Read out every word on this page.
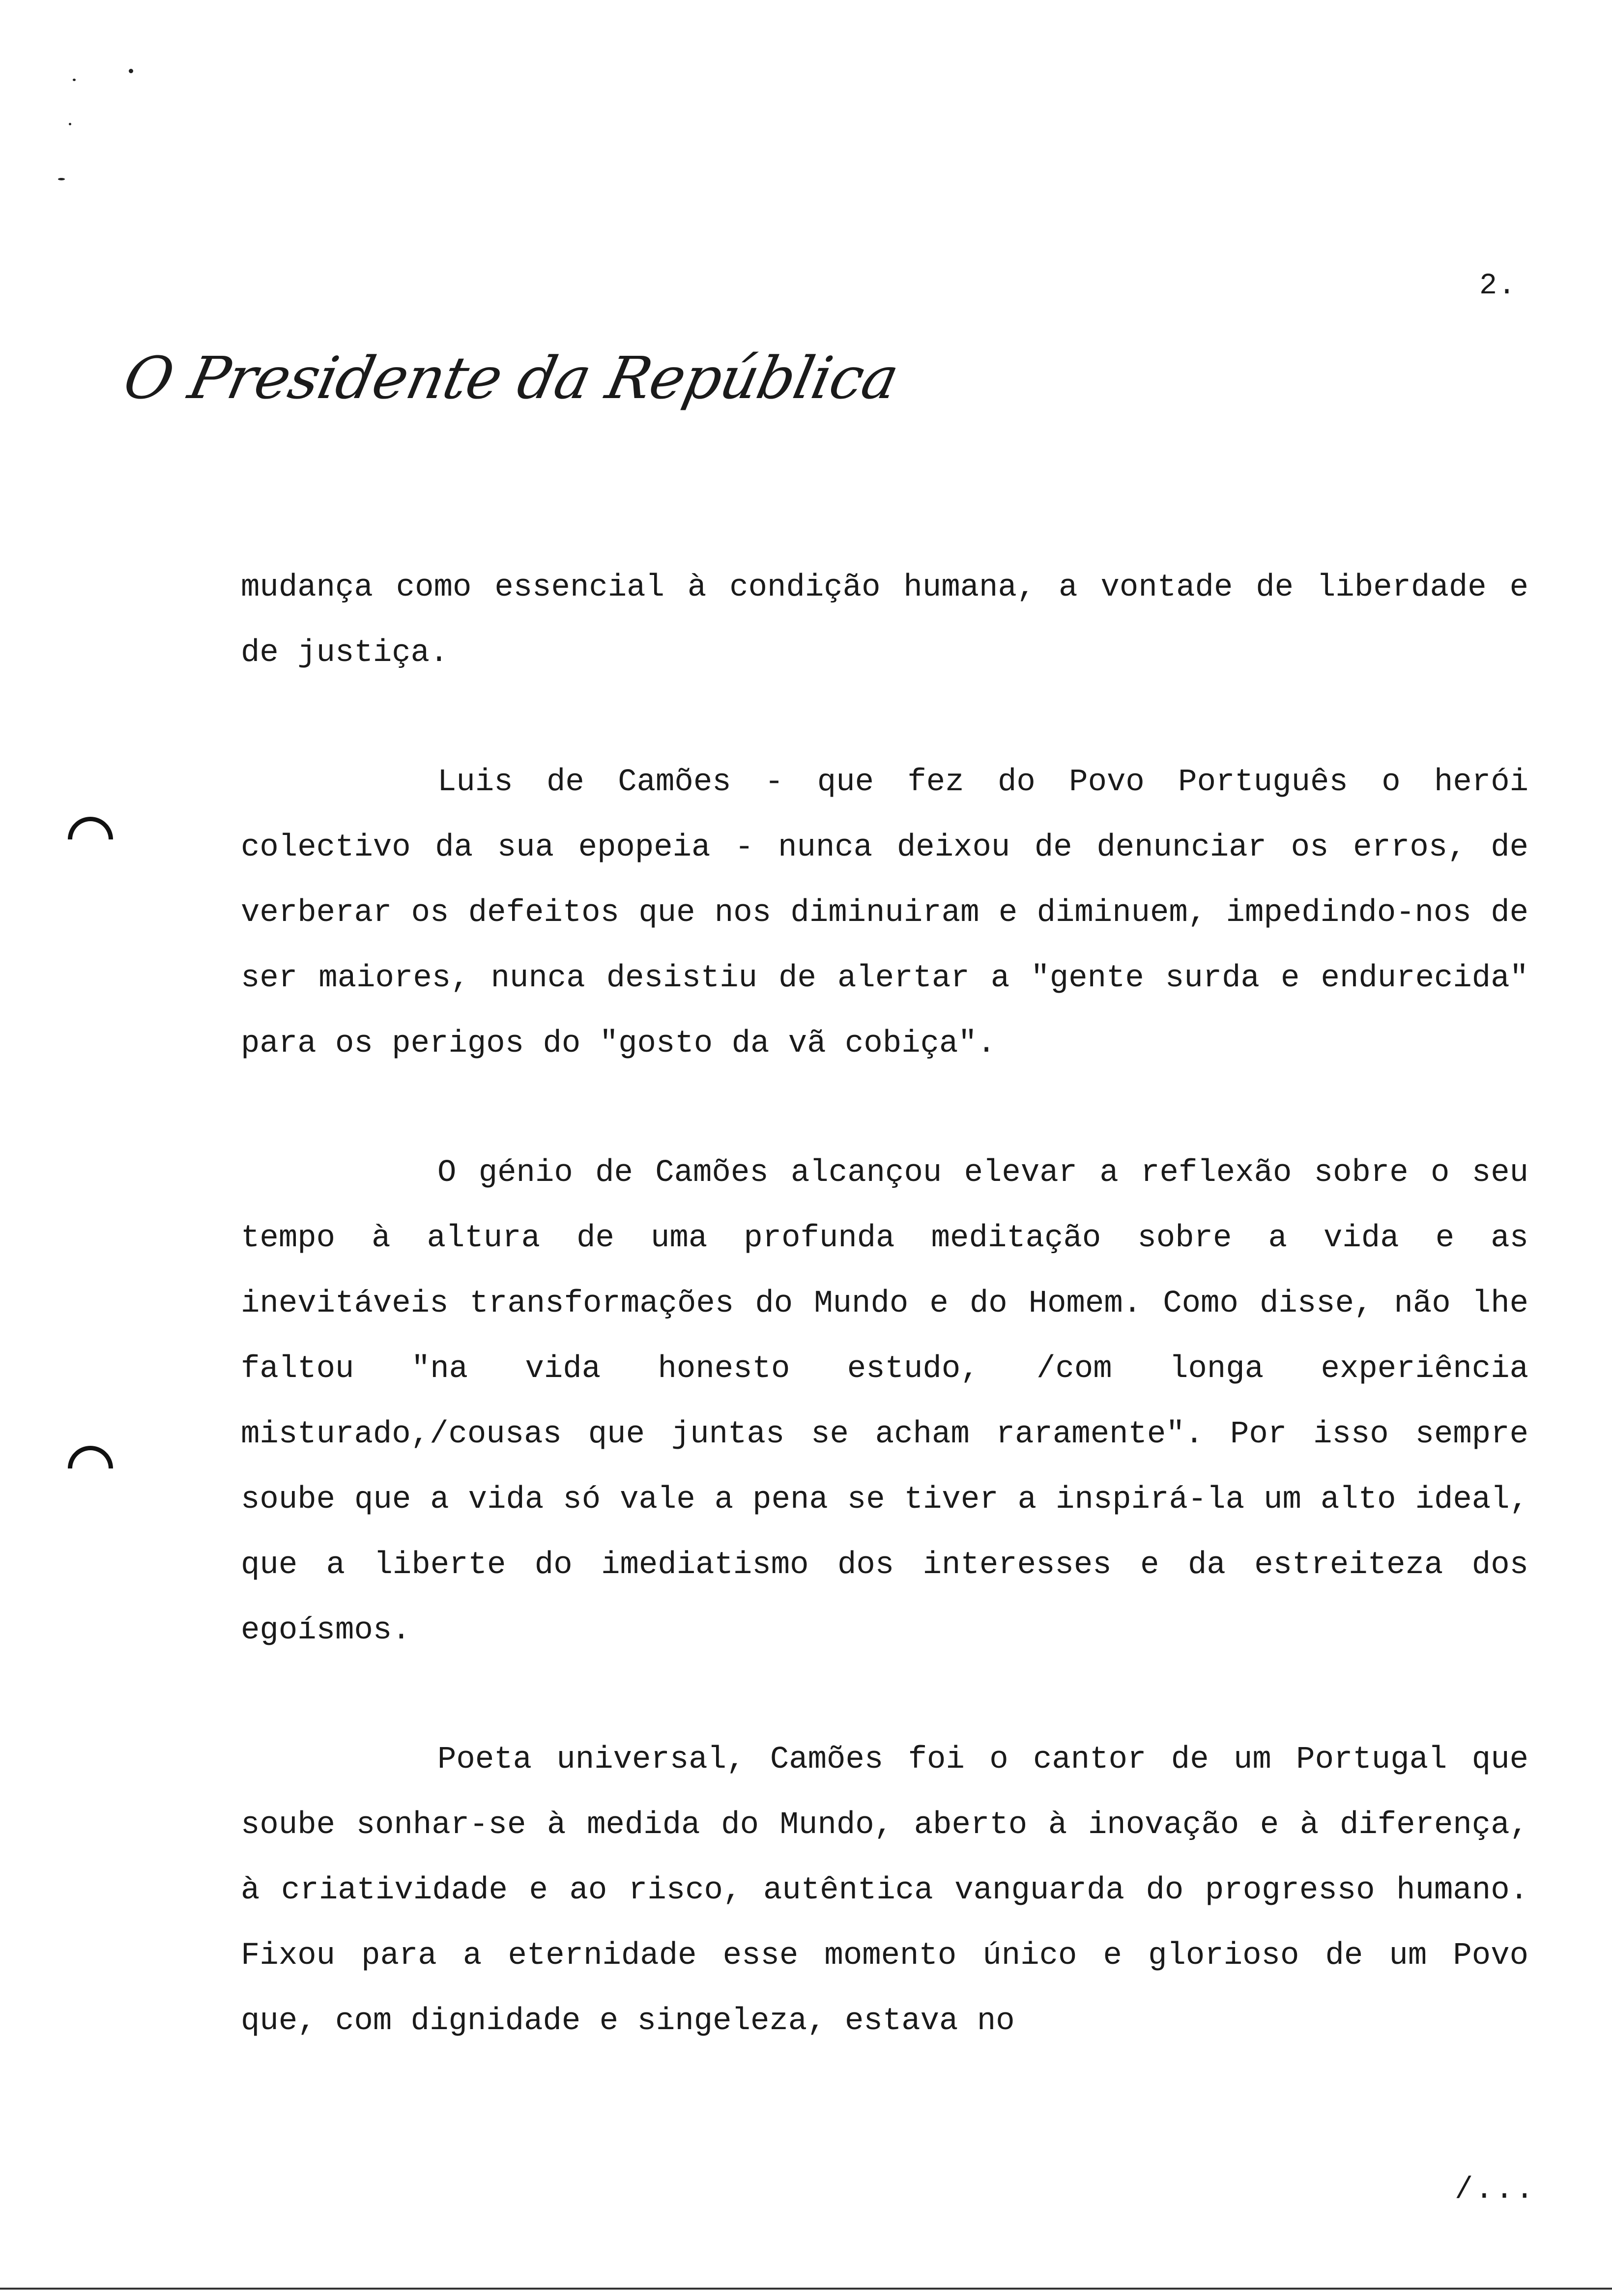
2.
O Presidente da República

mudança como essencial à condição humana, a vontade de liberdade e de justiça.

Luis de Camões - que fez do Povo Português o herói colectivo da sua epopeia - nunca deixou de denunciar os erros, de verberar os defeitos que nos diminuiram e diminuem, impedindo-nos de ser maiores, nunca desistiu de alertar a "gente surda e endurecida" para os perigos do "gosto da vã cobiça".

O génio de Camões alcançou elevar a reflexão sobre o seu tempo à altura de uma profunda meditação sobre a vida e as inevitáveis transformações do Mundo e do Homem. Como disse, não lhe faltou "na vida honesto estudo, /com longa experiência misturado,/cousas que juntas se acham raramente". Por isso sempre soube que a vida só vale a pena se tiver a inspirá-la um alto ideal, que a liberte do imediatismo dos interesses e da estreiteza dos egoísmos.

Poeta universal, Camões foi o cantor de um Portugal que soube sonhar-se à medida do Mundo, aberto à inovação e à diferença, à criatividade e ao risco, autêntica vanguarda do progresso humano. Fixou para a eternidade esse momento único e glorioso de um Povo que, com dignidade e singeleza, estava no

/...
